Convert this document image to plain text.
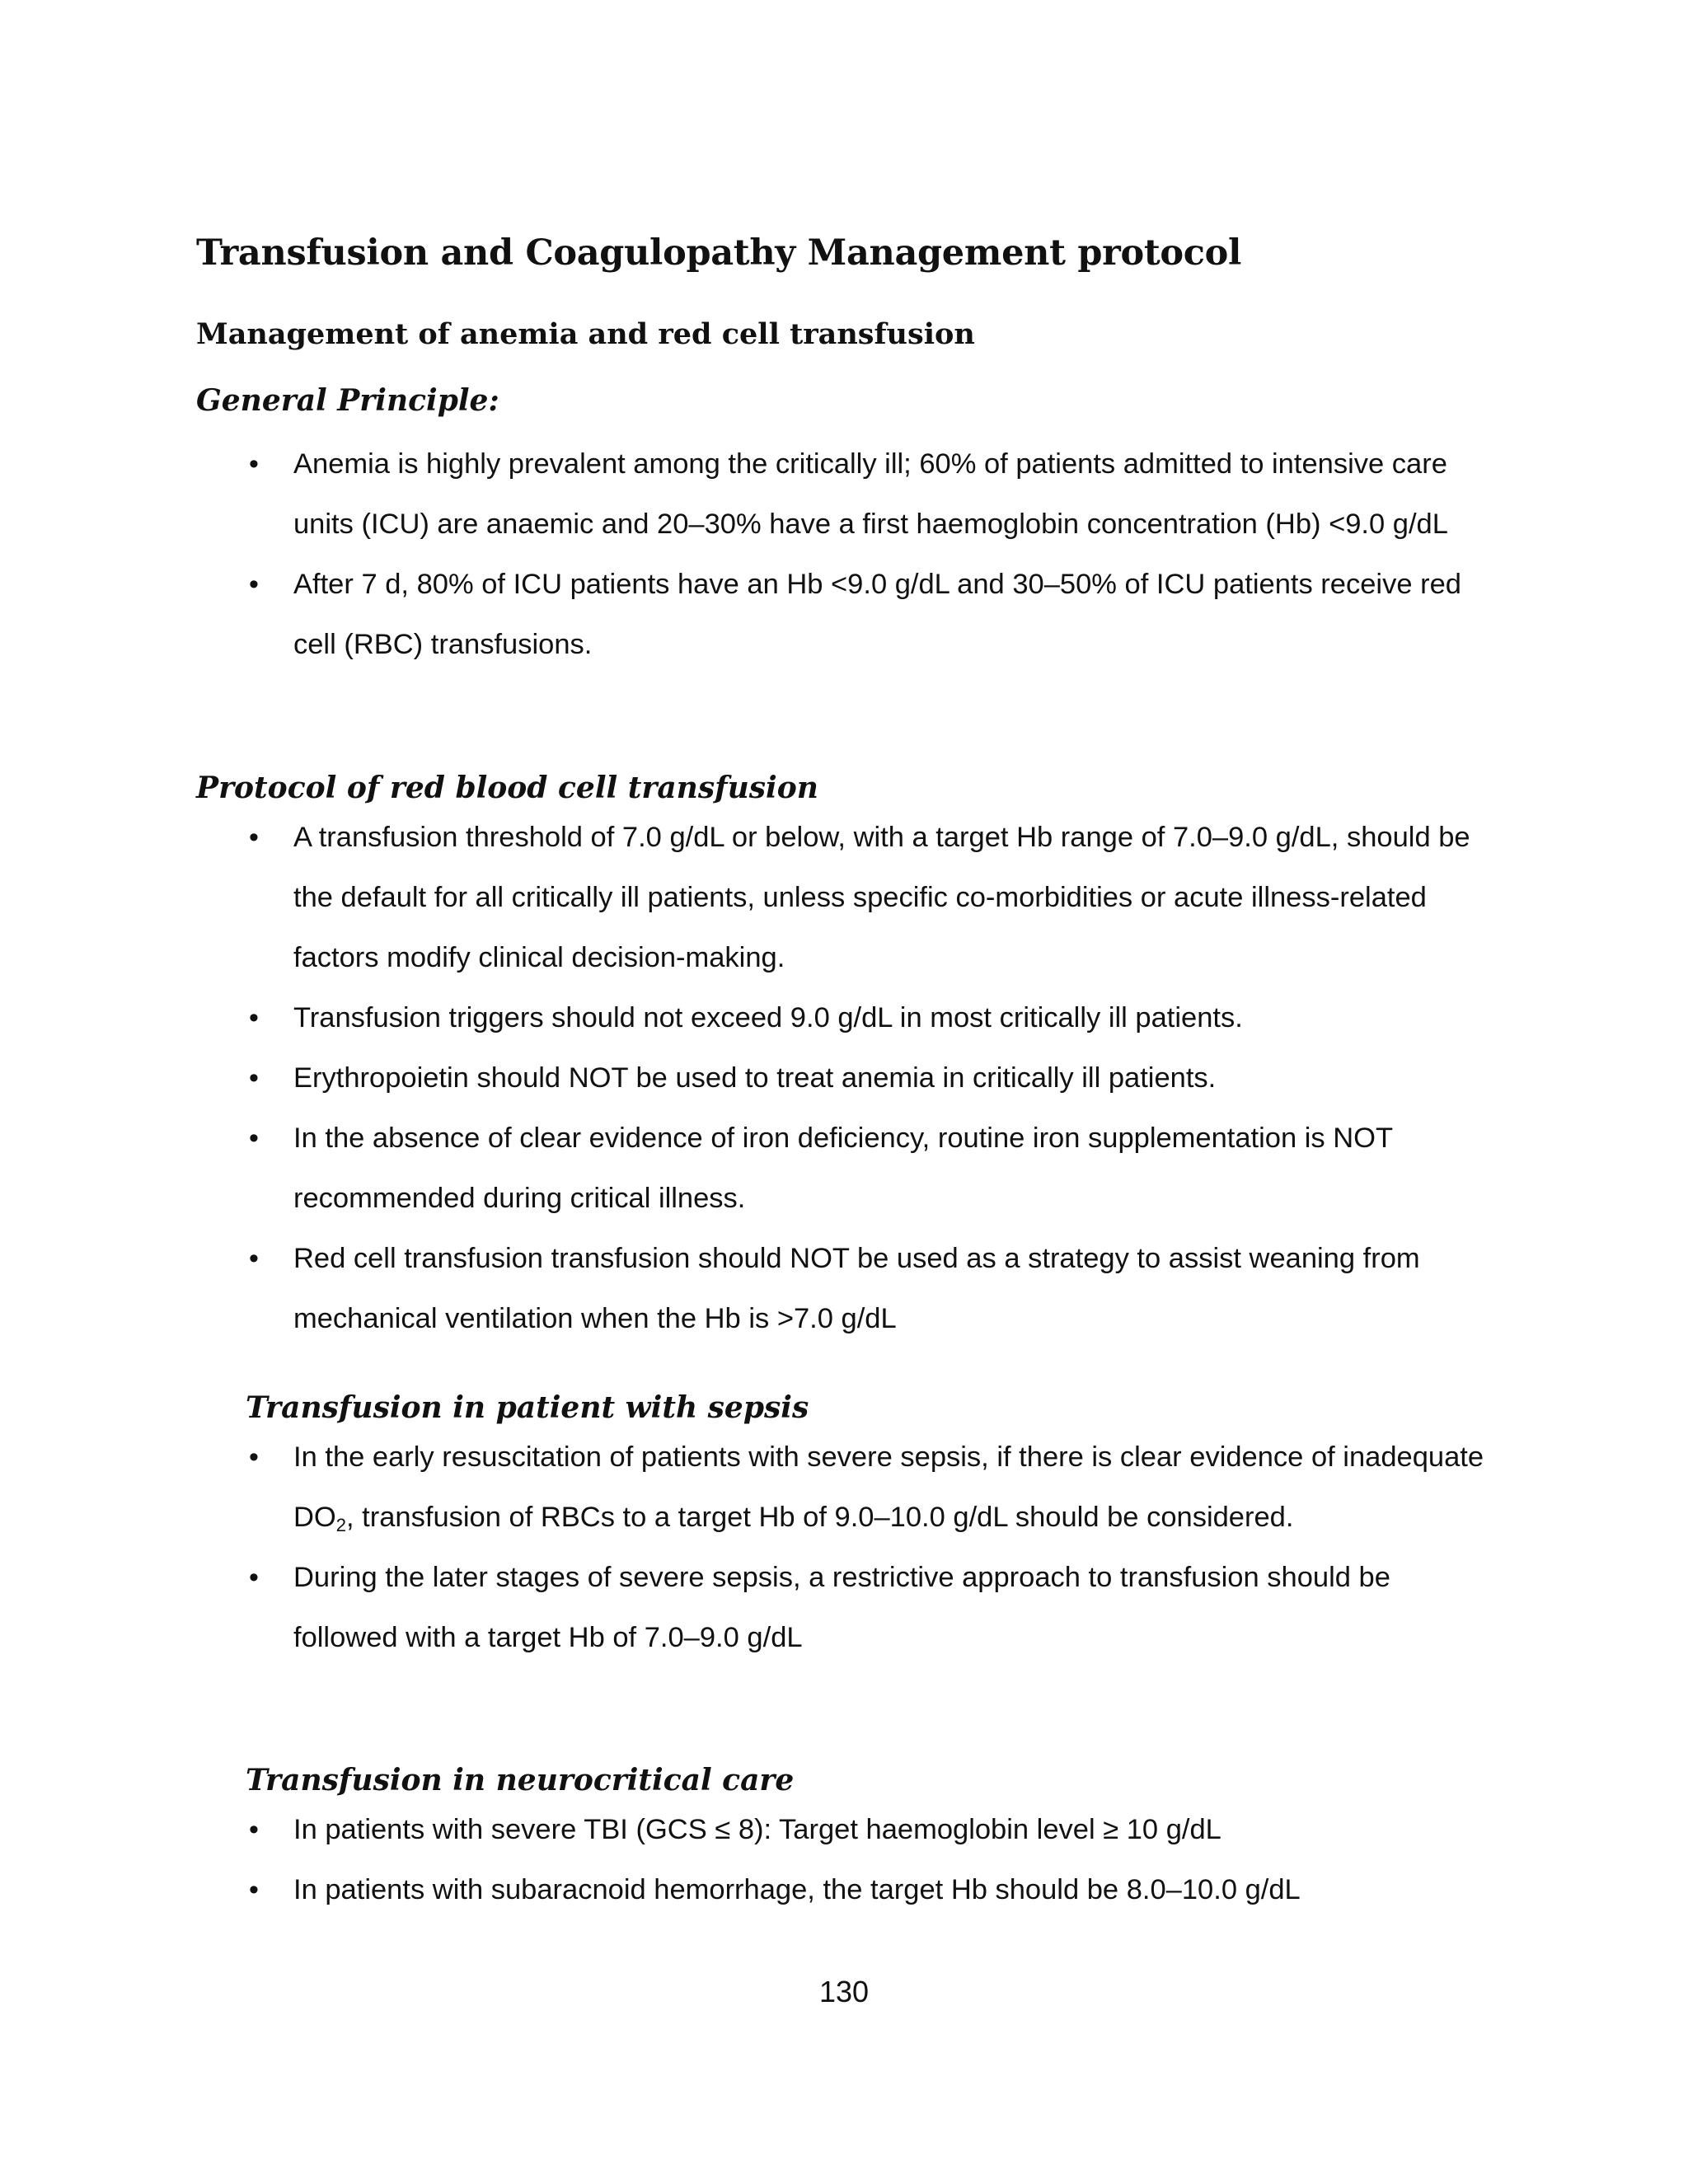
Transfusion and Coagulopathy Management protocol
Management of anemia and red cell transfusion
General Principle:
• Anemia is highly prevalent among the critically ill; 60% of patients admitted to intensive care units (ICU) are anaemic and 20–30% have a first haemoglobin concentration (Hb) <9.0 g/dL
• After 7 d, 80% of ICU patients have an Hb <9.0 g/dL and 30–50% of ICU patients receive red cell (RBC) transfusions.
Protocol of red blood cell transfusion
• A transfusion threshold of 7.0 g/dL or below, with a target Hb range of 7.0–9.0 g/dL, should be the default for all critically ill patients, unless specific co-morbidities or acute illness-related factors modify clinical decision-making.
• Transfusion triggers should not exceed 9.0 g/dL in most critically ill patients.
• Erythropoietin should NOT be used to treat anemia in critically ill patients.
• In the absence of clear evidence of iron deficiency, routine iron supplementation is NOT recommended during critical illness.
• Red cell transfusion transfusion should NOT be used as a strategy to assist weaning from mechanical ventilation when the Hb is >7.0 g/dL
Transfusion in patient with sepsis
• In the early resuscitation of patients with severe sepsis, if there is clear evidence of inadequate $DO_2$, transfusion of RBCs to a target Hb of 9.0–10.0 g/dL should be considered.
• During the later stages of severe sepsis, a restrictive approach to transfusion should be followed with a target Hb of 7.0–9.0 g/dL
Transfusion in neurocritical care
• In patients with severe TBI (GCS ≤ 8): Target haemoglobin level ≥ 10 g/dL
• In patients with subaracnoid hemorrhage, the target Hb should be 8.0–10.0 g/dL
130
